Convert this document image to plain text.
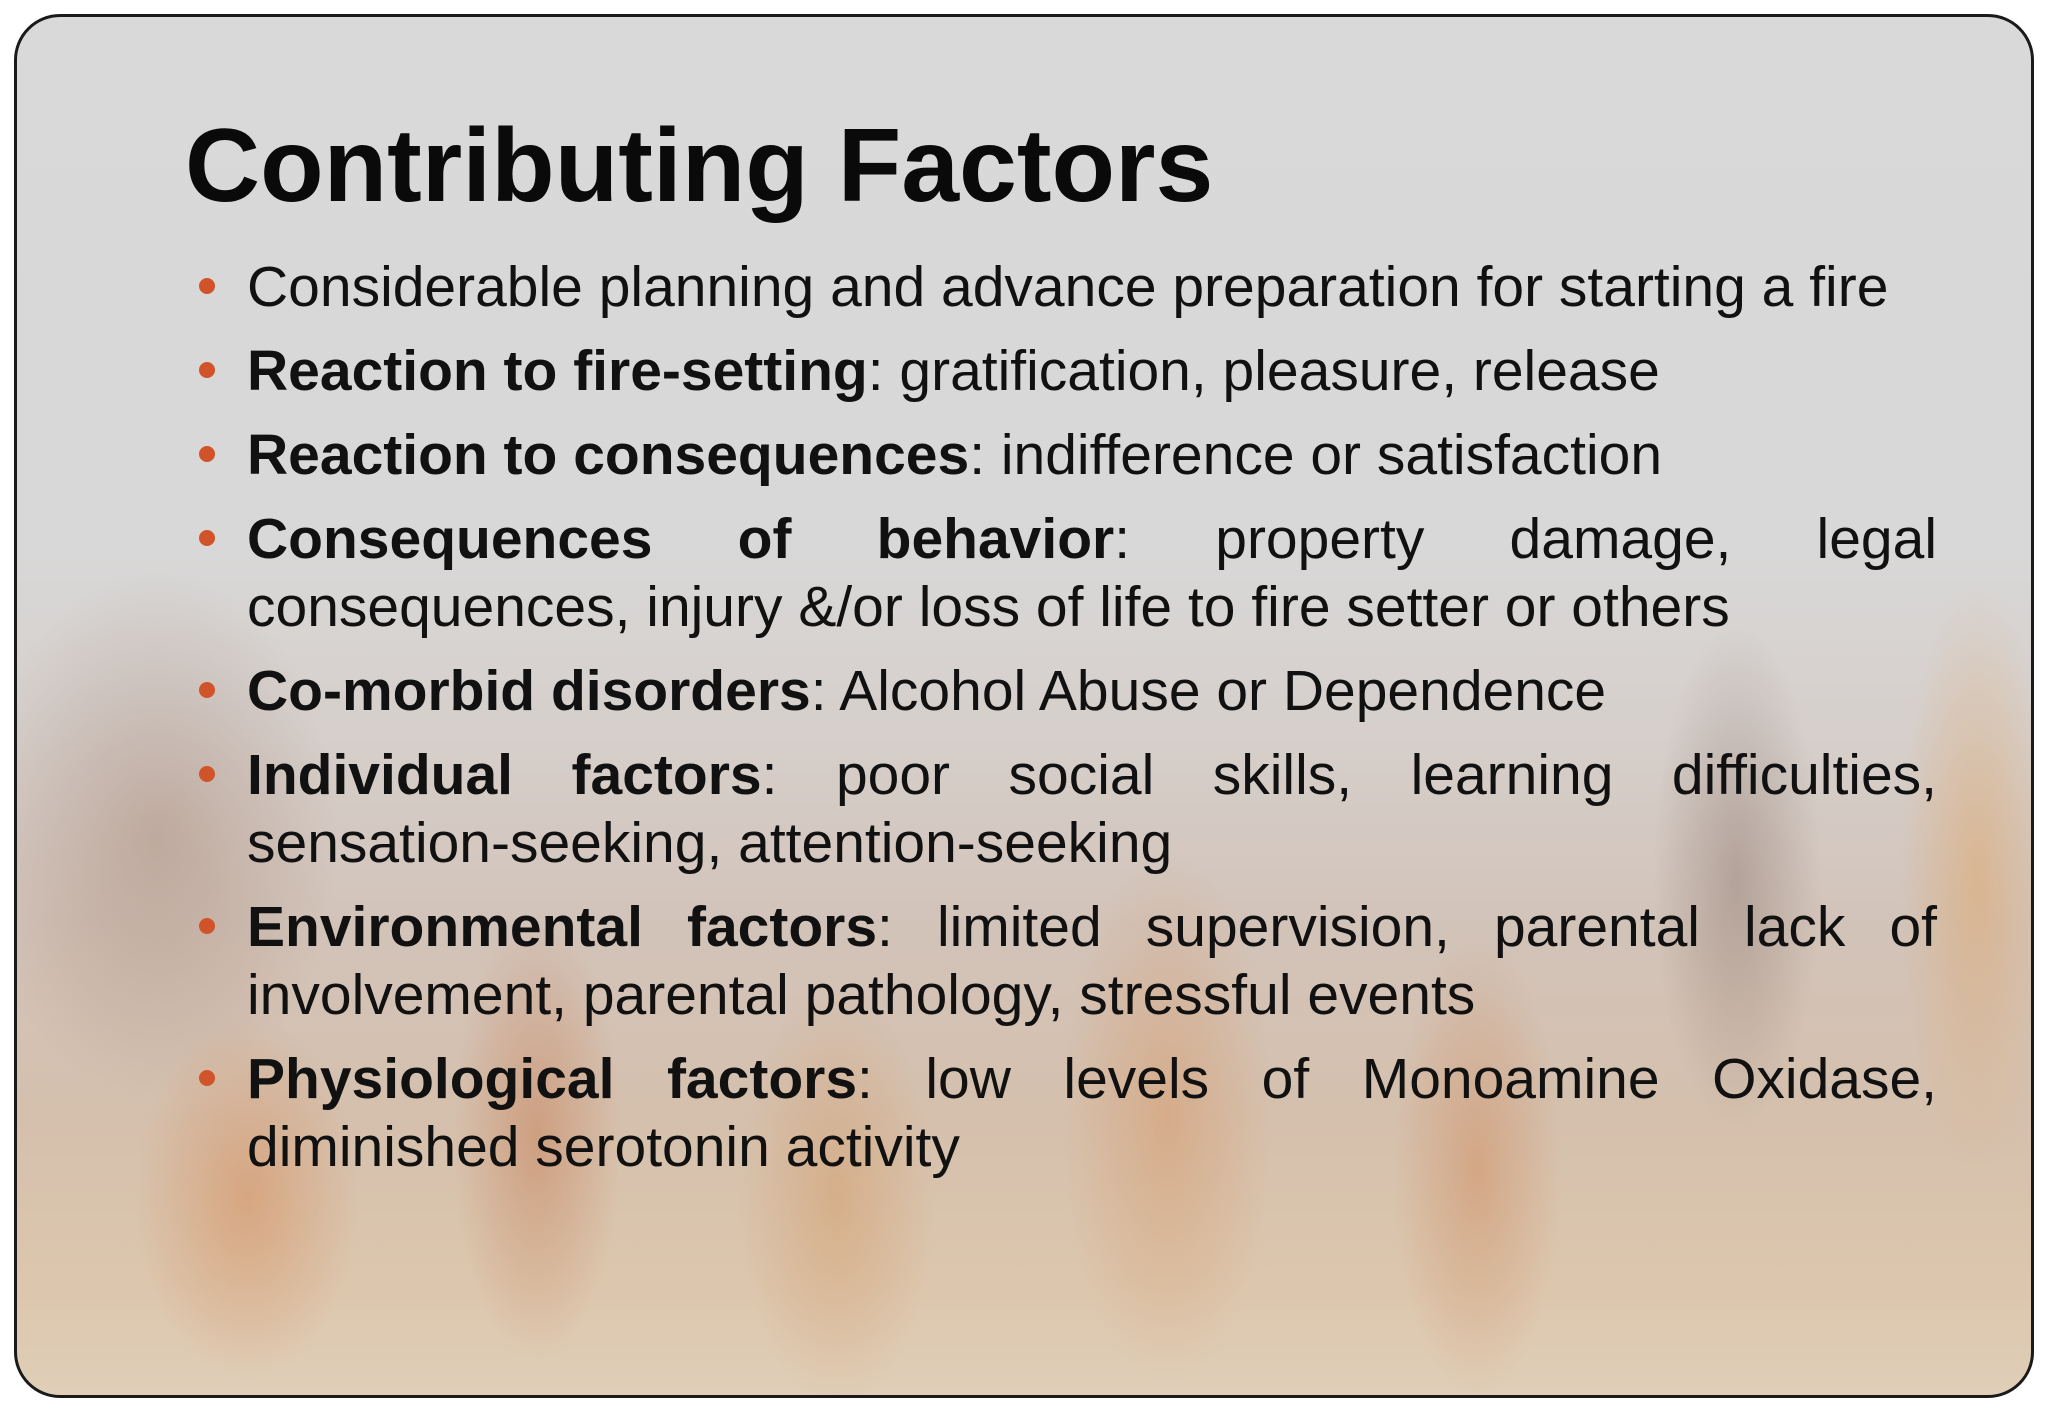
Contributing Factors
Considerable planning and advance preparation for starting a fire
Reaction to fire-setting: gratification, pleasure, release
Reaction to consequences: indifference or satisfaction
Consequences of behavior: property damage, legal consequences, injury &/or loss of life to fire setter or others
Co-morbid disorders: Alcohol Abuse or Dependence
Individual factors: poor social skills, learning difficulties, sensation-seeking, attention-seeking
Environmental factors: limited supervision, parental lack of involvement, parental pathology, stressful events
Physiological factors: low levels of Monoamine Oxidase, diminished serotonin activity
